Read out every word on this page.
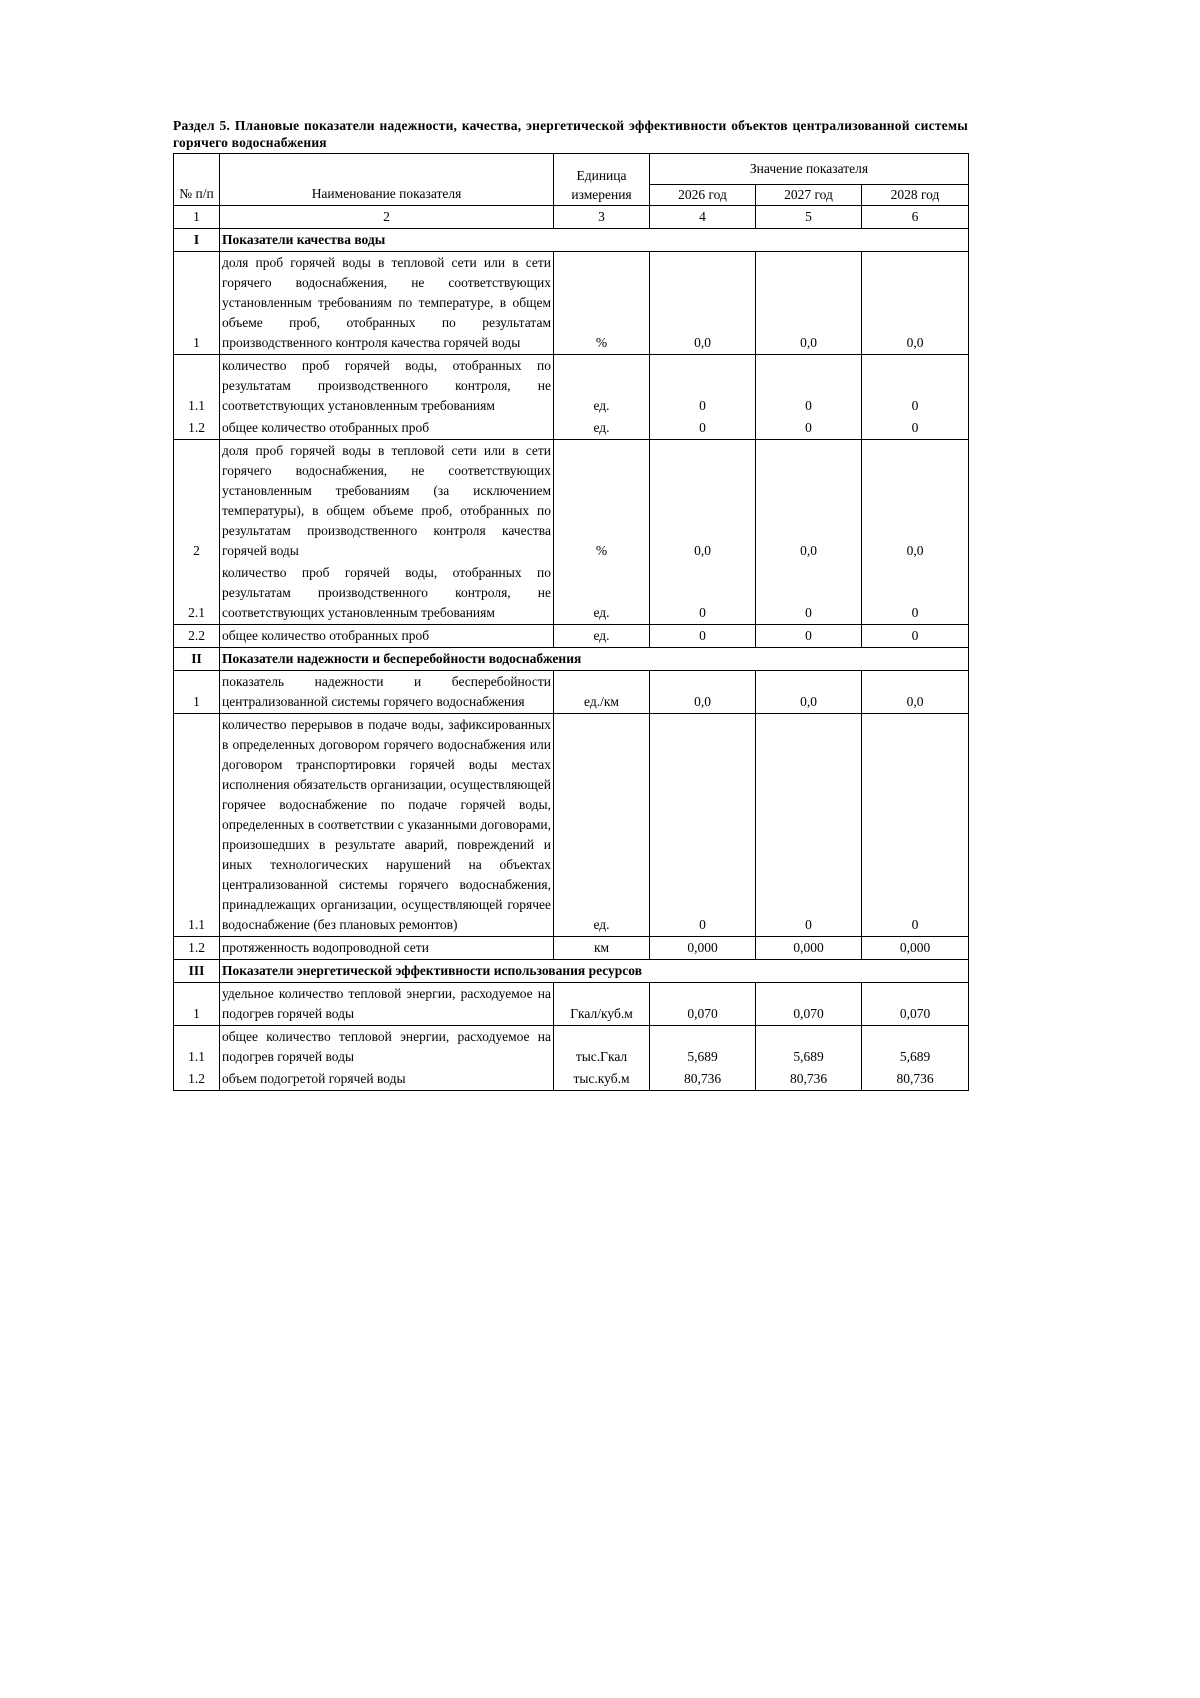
Раздел 5. Плановые показатели надежности, качества, энергетической эффективности объектов централизованной системы горячего водоснабжения
№ п/п	Наименование показателя	Единица измерения	Значение показателя		
			2026 год	2027 год	2028 год
1	2	3	4	5	6
I	Показатели качества воды				
1	доля проб горячей воды в тепловой сети или в сети горячего водоснабжения, не соответствующих установленным требованиям по температуре, в общем объеме проб, отобранных по результатам производственного контроля качества горячей воды	%	0,0	0,0	0,0
1.1	количество проб горячей воды, отобранных по результатам производственного контроля, не соответствующих установленным требованиям	ед.	0	0	0
1.2	общее количество отобранных проб	ед.	0	0	0
2	доля проб горячей воды в тепловой сети или в сети горячего водоснабжения, не соответствующих установленным требованиям (за исключением температуры), в общем объеме проб, отобранных по результатам производственного контроля качества горячей воды	%	0,0	0,0	0,0
2.1	количество проб горячей воды, отобранных по результатам производственного контроля, не соответствующих установленным требованиям	ед.	0	0	0
2.2	общее количество отобранных проб	ед.	0	0	0
II	Показатели надежности и бесперебойности водоснабжения				
1	показатель надежности и бесперебойности централизованной системы горячего водоснабжения	ед./км	0,0	0,0	0,0
1.1	количество перерывов в подаче воды, зафиксированных в определенных договором горячего водоснабжения или договором транспортировки горячей воды местах исполнения обязательств организации, осуществляющей горячее водоснабжение по подаче горячей воды, определенных в соответствии с указанными договорами, произошедших в результате аварий, повреждений и иных технологических нарушений на объектах централизованной системы горячего водоснабжения, принадлежащих организации, осуществляющей горячее водоснабжение (без плановых ремонтов)	ед.	0	0	0
1.2	протяженность водопроводной сети	км	0,000	0,000	0,000
III	Показатели энергетической эффективности использования ресурсов				
1	удельное количество тепловой энергии, расходуемое на подогрев горячей воды	Гкал/куб.м	0,070	0,070	0,070
1.1	общее количество тепловой энергии, расходуемое на подогрев горячей воды	тыс.Гкал	5,689	5,689	5,689
1.2	объем подогретой горячей воды	тыс.куб.м	80,736	80,736	80,736
